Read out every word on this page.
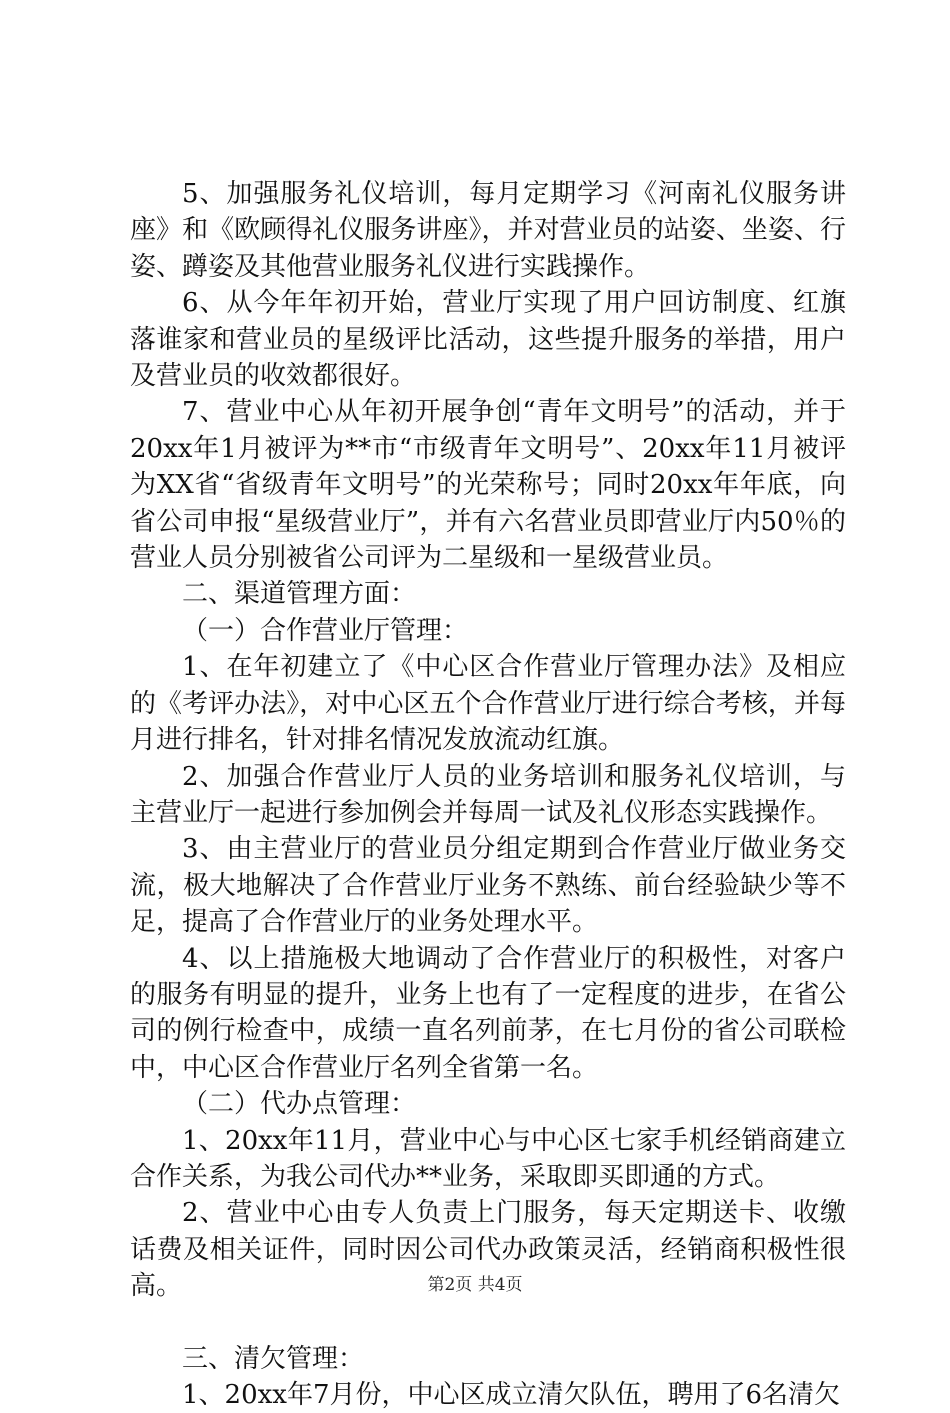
5、加强服务礼仪培训，每月定期学习《河南礼仪服务讲座》和《欧顾得礼仪服务讲座》，并对营业员的站姿、坐姿、行姿、蹲姿及其他营业服务礼仪进行实践操作。

6、从今年年初开始，营业厅实现了用户回访制度、红旗落谁家和营业员的星级评比活动，这些提升服务的举措，用户及营业员的收效都很好。

7、营业中心从年初开展争创“青年文明号”的活动，并于20xx年1月被评为**市“市级青年文明号”、20xx年11月被评为XX省“省级青年文明号”的光荣称号；同时20xx年年底，向省公司申报“星级营业厅”，并有六名营业员即营业厅内50％的营业人员分别被省公司评为二星级和一星级营业员。

二、渠道管理方面：

（一）合作营业厅管理：

1、在年初建立了《中心区合作营业厅管理办法》及相应的《考评办法》，对中心区五个合作营业厅进行综合考核，并每月进行排名，针对排名情况发放流动红旗。

2、加强合作营业厅人员的业务培训和服务礼仪培训，与主营业厅一起进行参加例会并每周一试及礼仪形态实践操作。

3、由主营业厅的营业员分组定期到合作营业厅做业务交流，极大地解决了合作营业厅业务不熟练、前台经验缺少等不足，提高了合作营业厅的业务处理水平。

4、以上措施极大地调动了合作营业厅的积极性，对客户的服务有明显的提升，业务上也有了一定程度的进步，在省公司的例行检查中，成绩一直名列前茅，在七月份的省公司联检中，中心区合作营业厅名列全省第一名。

（二）代办点管理：

1、20xx年11月，营业中心与中心区七家手机经销商建立合作关系，为我公司代办**业务，采取即买即通的方式。

2、营业中心由专人负责上门服务，每天定期送卡、收缴话费及相关证件，同时因公司代办政策灵活，经销商积极性很高。

三、清欠管理：

1、20xx年7月份，中心区成立清欠队伍，聘用了6名清欠

第2页 共4页
